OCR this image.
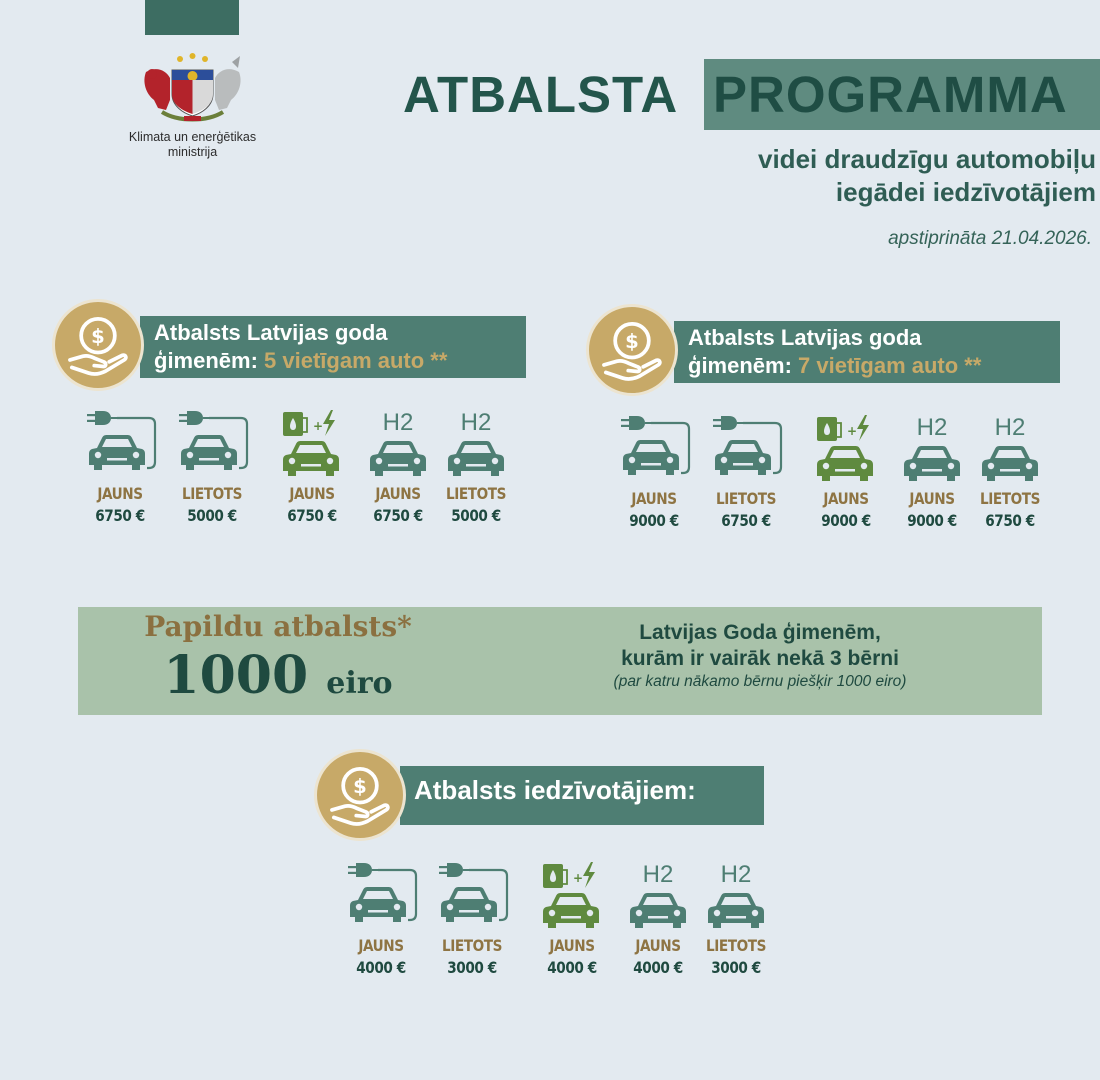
Klimata un enerģētikas ministrija
ATBALSTA PROGRAMMA
videi draudzīgu automobiļu
iegādei iedzīvotājiem
apstiprināta 21.04.2026.
Atbalsts Latvijas goda
ģimenēm: 5 vietīgam auto **
JAUNS
6750 €
LIETOTS
5000 €
+
JAUNS
6750 €
H2
JAUNS
6750 €
H2
LIETOTS
5000 €
Atbalsts Latvijas goda
ģimenēm: 7 vietīgam auto **
JAUNS
9000 €
LIETOTS
6750 €
+
JAUNS
9000 €
H2
JAUNS
9000 €
H2
LIETOTS
6750 €
Papildu atbalsts*
1000 eiro
Latvijas Goda ģimenēm,
kurām ir vairāk nekā 3 bērni
(par katru nākamo bērnu piešķir 1000 eiro)
Atbalsts iedzīvotājiem:
JAUNS
4000 €
LIETOTS
3000 €
+
JAUNS
4000 €
H2
JAUNS
4000 €
H2
LIETOTS
3000 €
